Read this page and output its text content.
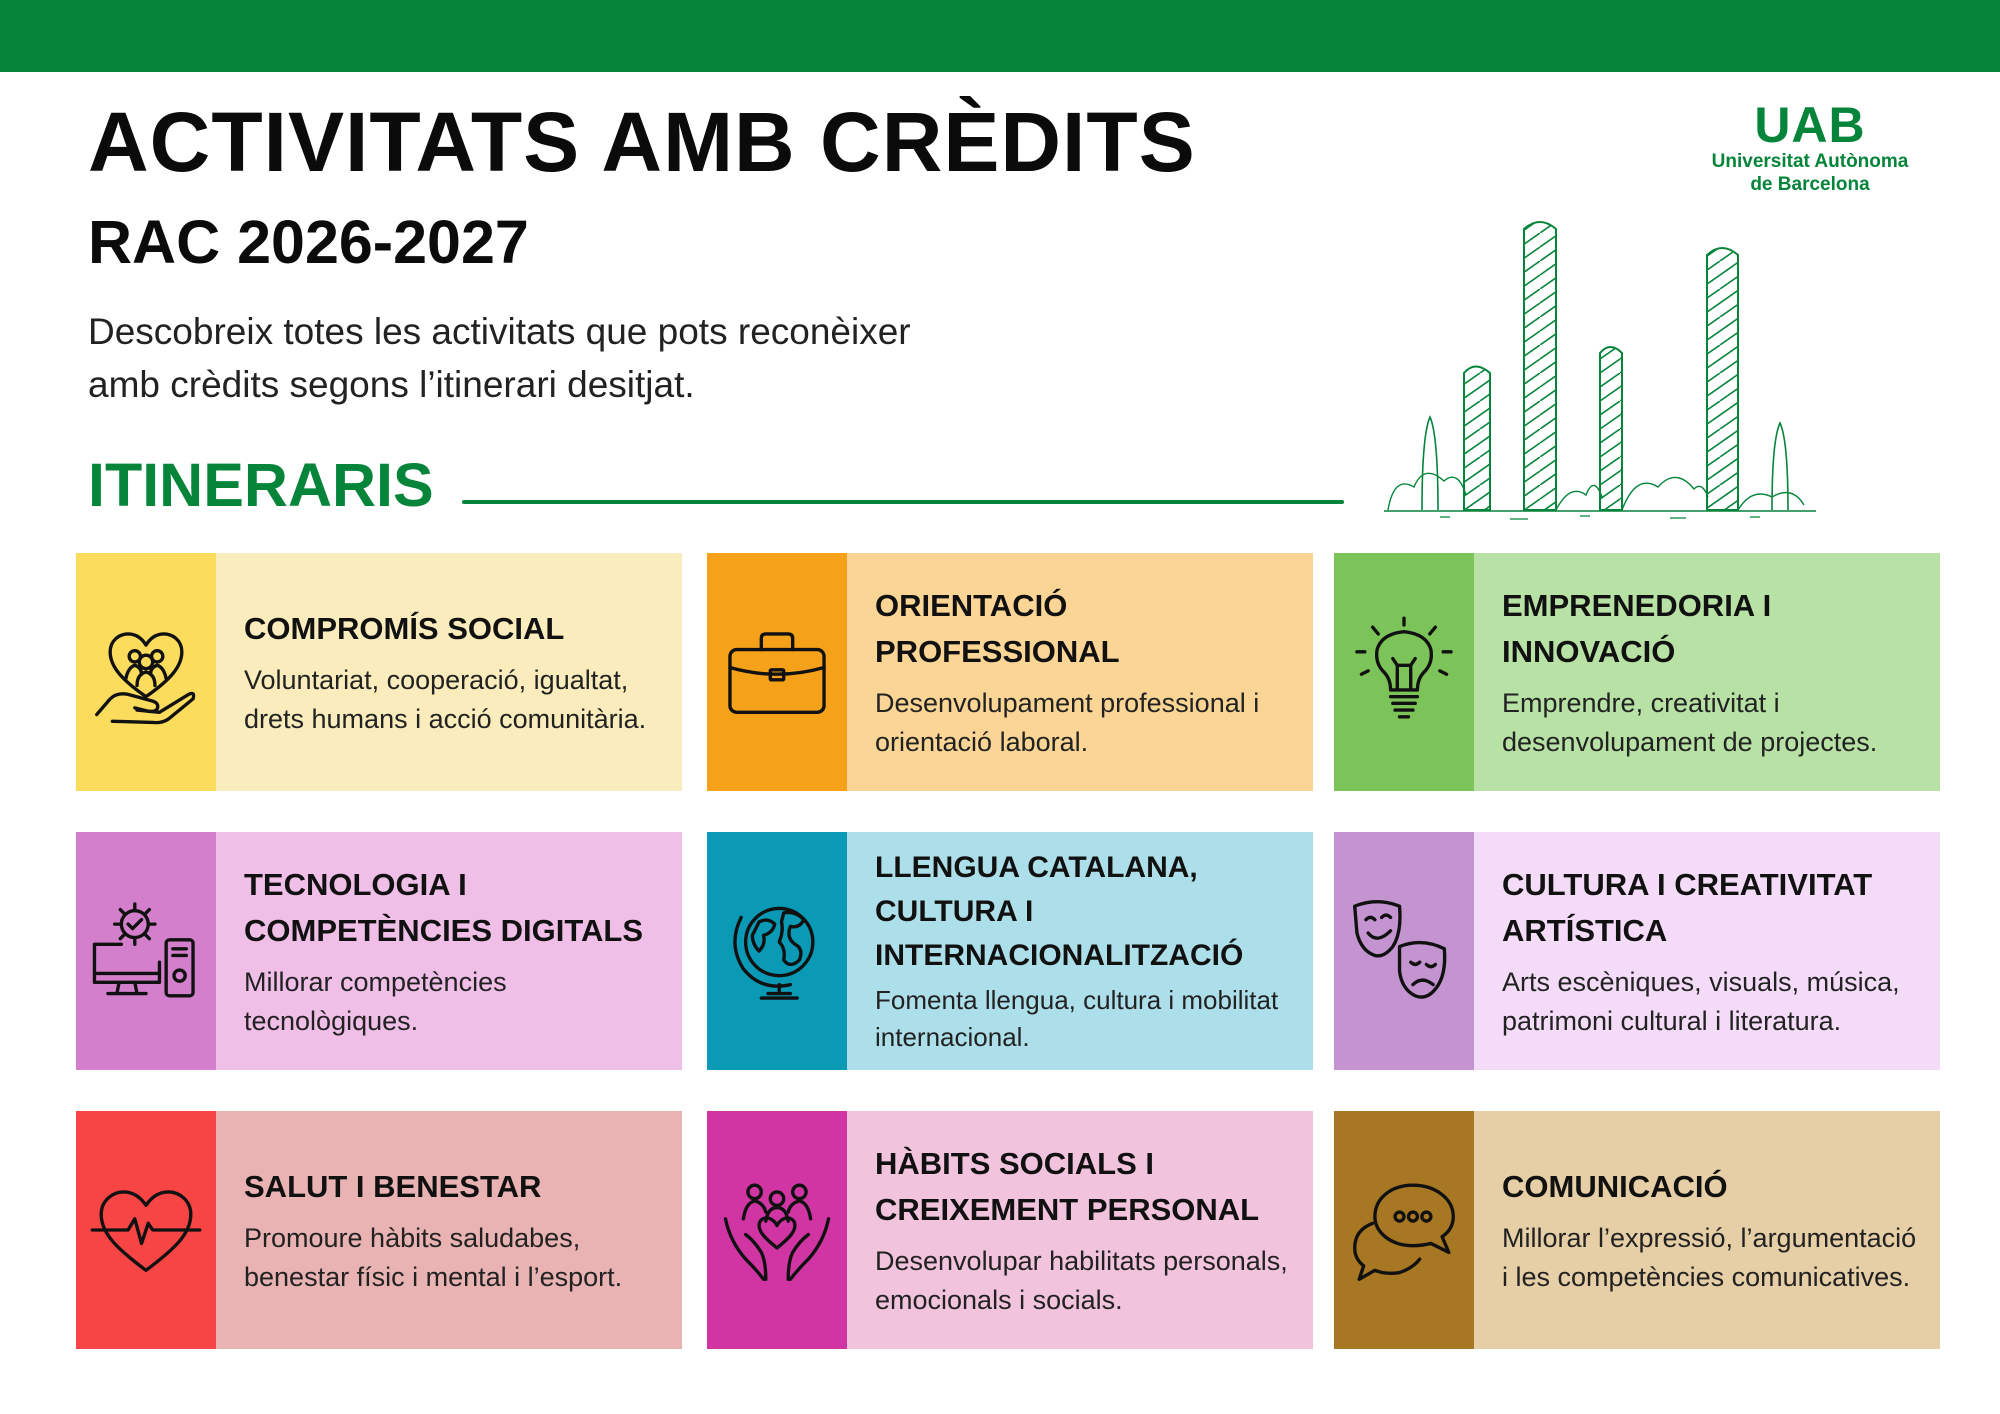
ACTIVITATS AMB CRÈDITS
RAC 2026-2027

Descobreix totes les activitats que pots reconèixer
amb crèdits segons l’itinerari desitjat.

ITINERARIS
UAB
Universitat Autònoma
de Barcelona
COMPROMÍS SOCIAL

Voluntariat, cooperació, igualtat, drets humans i acció comunitària.

ORIENTACIÓ PROFESSIONAL

Desenvolupament professional i orientació laboral.

EMPRENEDORIA I INNOVACIÓ

Emprendre, creativitat i desenvolupament de projectes.

TECNOLOGIA I COMPETÈNCIES DIGITALS

Millorar competències tecnològiques.

LLENGUA CATALANA, CULTURA I INTERNACIONALITZACIÓ

Fomenta llengua, cultura i mobilitat internacional.

CULTURA I CREATIVITAT ARTÍSTICA

Arts escèniques, visuals, música, patrimoni cultural i literatura.

SALUT I BENESTAR

Promoure hàbits saludabes, benestar físic i mental i l’esport.

HÀBITS SOCIALS I CREIXEMENT PERSONAL

Desenvolupar habilitats personals, emocionals i socials.

COMUNICACIÓ

Millorar l’expressió, l’argumentació i les competències comunicatives.
